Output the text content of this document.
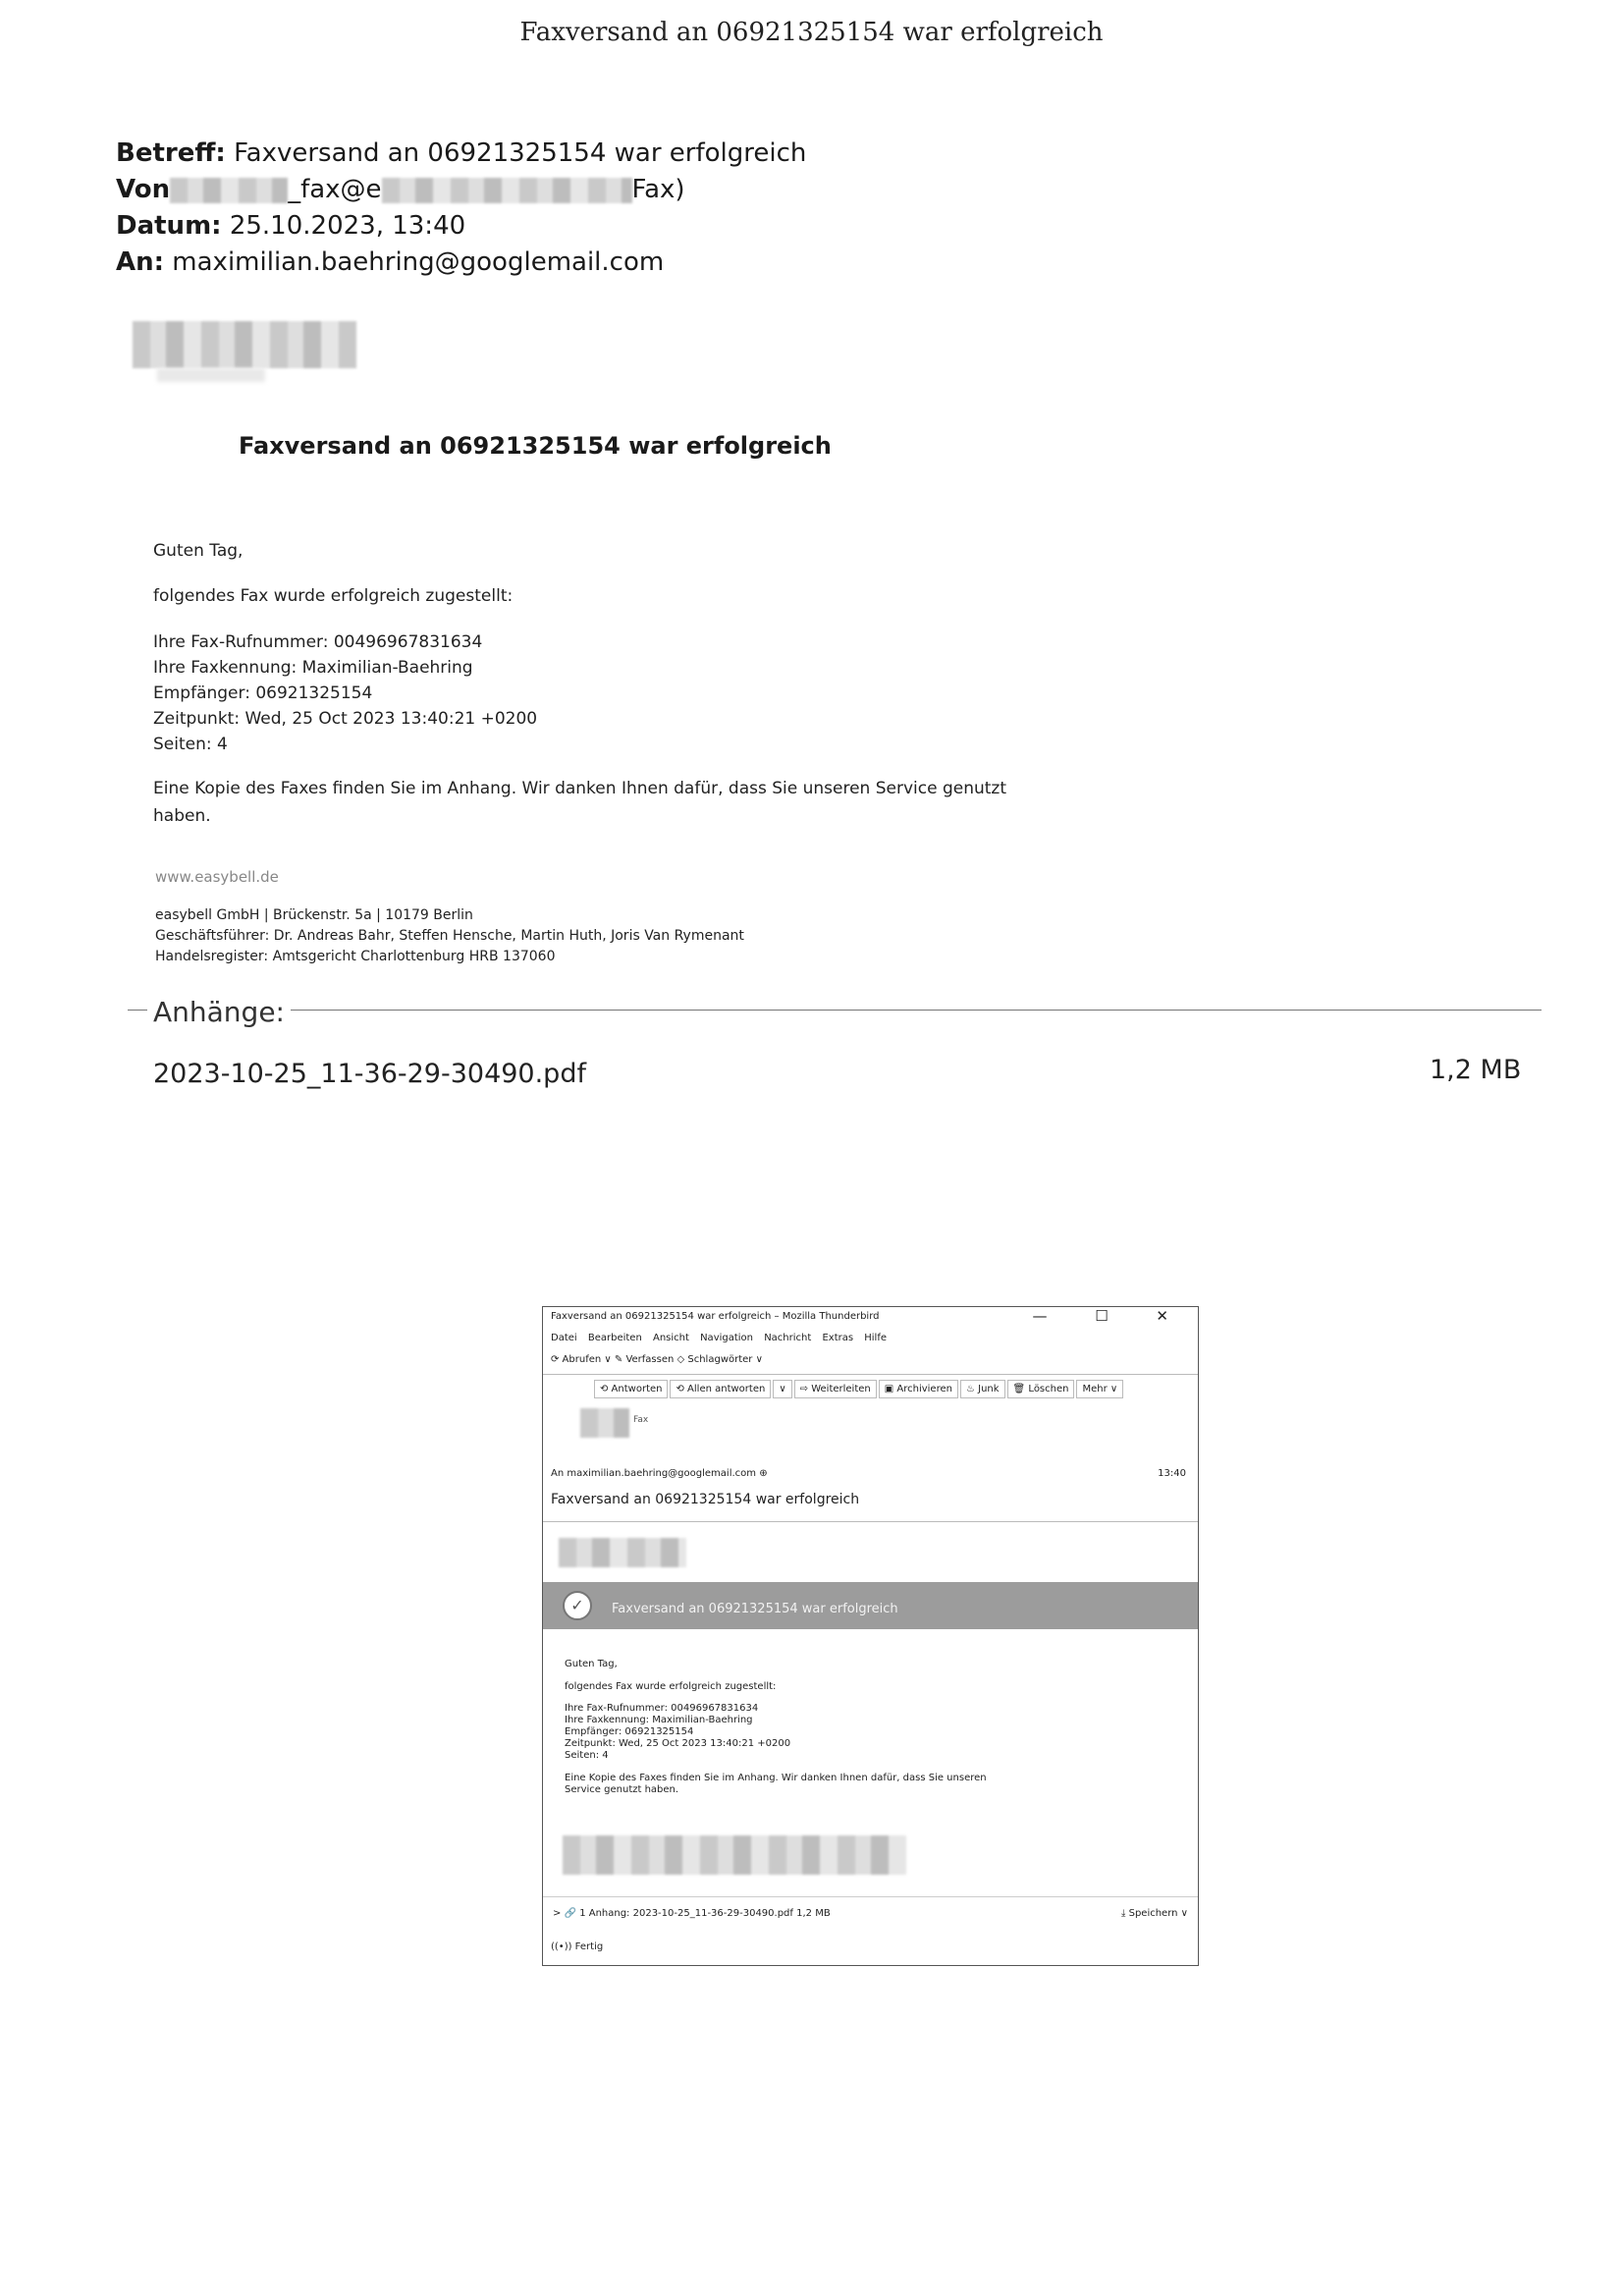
Faxversand an 06921325154 war erfolgreich
Betreff: Faxversand an 06921325154 war erfolgreich
Von	_fax@e	Fax)
Datum: 25.10.2023, 13:40
An: maximilian.baehring@googlemail.com
Faxversand an 06921325154 war erfolgreich
Guten Tag,
folgendes Fax wurde erfolgreich zugestellt:
Ihre Fax-Rufnummer: 00496967831634
Ihre Faxkennung: Maximilian-Baehring
Empfänger: 06921325154
Zeitpunkt: Wed, 25 Oct 2023 13:40:21 +0200
Seiten: 4
Eine Kopie des Faxes finden Sie im Anhang. Wir danken Ihnen dafür, dass Sie unseren Service genutzt
haben.
www.easybell.de
easybell GmbH | Brückenstr. 5a | 10179 Berlin
Geschäftsführer: Dr. Andreas Bahr, Steffen Hensche, Martin Huth, Joris Van Rymenant
Handelsregister: Amtsgericht Charlottenburg HRB 137060
Anhänge:
2023-10-25_11-36-29-30490.pdf	1,2 MB
Faxversand an 06921325154 war erfolgreich – Mozilla Thunderbird	— ☐ ✕
Datei Bearbeiten Ansicht Navigation Nachricht Extras Hilfe
⟳ Abrufen ∨ ✎ Verfassen ◇ Schlagwörter ∨
⟲ Antworten ⟲ Allen antworten ∨ ⇨ Weiterleiten ▣ Archivieren ♨ Junk 🗑 Löschen Mehr ∨
Fax
An maximilian.baehring@googlemail.com ⊕	13:40
Faxversand an 06921325154 war erfolgreich
✓	Faxversand an 06921325154 war erfolgreich
Guten Tag,
folgendes Fax wurde erfolgreich zugestellt:
Ihre Fax-Rufnummer: 00496967831634
Ihre Faxkennung: Maximilian-Baehring
Empfänger: 06921325154
Zeitpunkt: Wed, 25 Oct 2023 13:40:21 +0200
Seiten: 4
Eine Kopie des Faxes finden Sie im Anhang. Wir danken Ihnen dafür, dass Sie unseren
Service genutzt haben.
> 🔗 1 Anhang: 2023-10-25_11-36-29-30490.pdf 1,2 MB	⤓ Speichern ∨
((•)) Fertig
